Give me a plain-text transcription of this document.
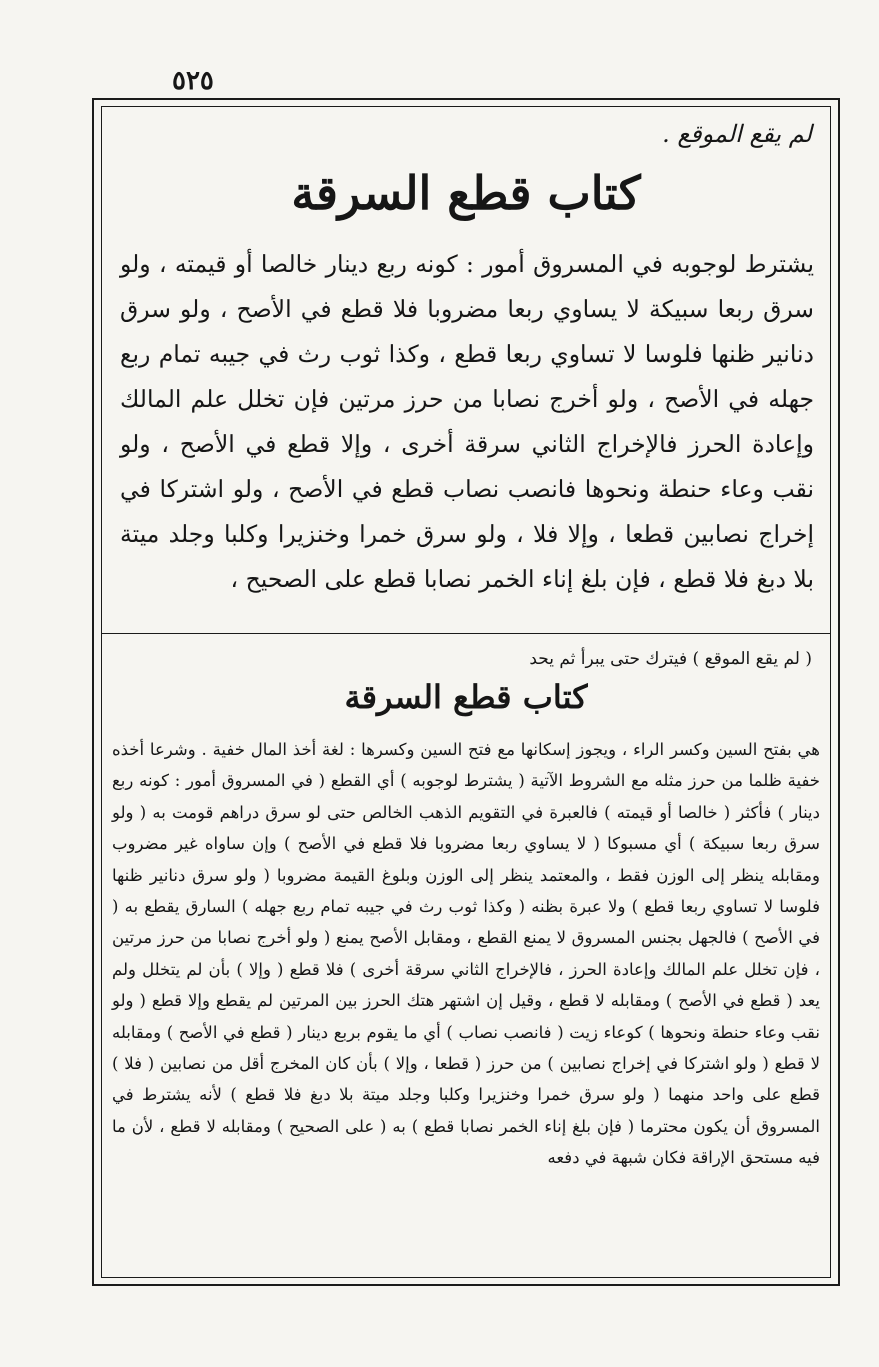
٥٢٥

لم يقع الموقع .

كتاب قطع السرقة

يشترط لوجوبه في المسروق أمور : كونه ربع دينار خالصا أو قيمته ، ولو سرق ربعا سبيكة لا يساوي ربعا مضروبا فلا قطع في الأصح ، ولو سرق دنانير ظنها فلوسا لا تساوي ربعا قطع ، وكذا ثوب رث في جيبه تمام ربع جهله في الأصح ، ولو أخرج نصابا من حرز مرتين فإن تخلل علم المالك وإعادة الحرز فالإخراج الثاني سرقة أخرى ، وإلا قطع في الأصح ، ولو نقب وعاء حنطة ونحوها فانصب نصاب قطع في الأصح ، ولو اشتركا في إخراج نصابين قطعا ، وإلا فلا ، ولو سرق خمرا وخنزيرا وكلبا وجلد ميتة بلا دبغ فلا قطع ، فإن بلغ إناء الخمر نصابا قطع على الصحيح ،

( لم يقع الموقع ) فيترك حتى يبرأ ثم يحد

كتاب قطع السرقة

هي بفتح السين وكسر الراء ، ويجوز إسكانها مع فتح السين وكسرها : لغة أخذ المال خفية . وشرعا أخذه خفية ظلما من حرز مثله مع الشروط الآتية ( يشترط لوجوبه ) أي القطع ( في المسروق أمور : كونه ربع دينار ) فأكثر ( خالصا أو قيمته ) فالعبرة في التقويم الذهب الخالص حتى لو سرق دراهم قومت به ( ولو سرق ربعا سبيكة ) أي مسبوكا ( لا يساوي ربعا مضروبا فلا قطع في الأصح ) وإن ساواه غير مضروب ومقابله ينظر إلى الوزن فقط ، والمعتمد ينظر إلى الوزن وبلوغ القيمة مضروبا ( ولو سرق دنانير ظنها فلوسا لا تساوي ربعا قطع ) ولا عبرة بظنه ( وكذا ثوب رث في جيبه تمام ربع جهله ) السارق يقطع به ( في الأصح ) فالجهل بجنس المسروق لا يمنع القطع ، ومقابل الأصح يمنع ( ولو أخرج نصابا من حرز مرتين ، فإن تخلل علم المالك وإعادة الحرز ، فالإخراج الثاني سرقة أخرى ) فلا قطع ( وإلا ) بأن لم يتخلل ولم يعد ( قطع في الأصح ) ومقابله لا قطع ، وقيل إن اشتهر هتك الحرز بين المرتين لم يقطع وإلا قطع ( ولو نقب وعاء حنطة ونحوها ) كوعاء زيت ( فانصب نصاب ) أي ما يقوم بربع دينار ( قطع في الأصح ) ومقابله لا قطع ( ولو اشتركا في إخراج نصابين ) من حرز ( قطعا ، وإلا ) بأن كان المخرج أقل من نصابين ( فلا ) قطع على واحد منهما ( ولو سرق خمرا وخنزيرا وكلبا وجلد ميتة بلا دبغ فلا قطع ) لأنه يشترط في المسروق أن يكون محترما ( فإن بلغ إناء الخمر نصابا قطع ) به ( على الصحيح ) ومقابله لا قطع ، لأن ما فيه مستحق الإراقة فكان شبهة في دفعه
